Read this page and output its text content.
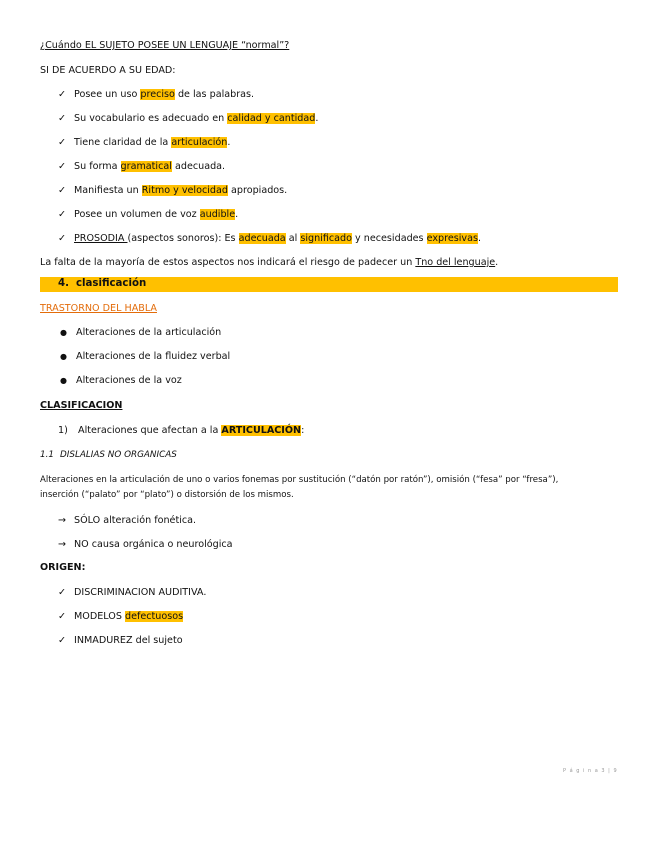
¿Cuándo EL SUJETO POSEE UN LENGUAJE “normal”?
SI DE ACUERDO A SU EDAD:
✓ Posee un uso preciso de las palabras.
✓ Su vocabulario es adecuado en calidad y cantidad.
✓ Tiene claridad de la articulación.
✓ Su forma gramatical adecuada.
✓ Manifiesta un Ritmo y velocidad apropiados.
✓ Posee un volumen de voz audible.
✓ PROSODIA (aspectos sonoros): Es adecuada al significado y necesidades expresivas.
La falta de la mayoría de estos aspectos nos indicará el riesgo de padecer un Tno del lenguaje.
4. clasificación
TRASTORNO DEL HABLA
● Alteraciones de la articulación
● Alteraciones de la fluidez verbal
● Alteraciones de la voz
CLASIFICACION
1) Alteraciones que afectan a la ARTICULACIÓN:
1.1 DISLALIAS NO ORGANICAS
Alteraciones en la articulación de uno o varios fonemas por sustitución (“datón por ratón”), omisión (“fesa” por “fresa”),
inserción (“palato” por “plato”) o distorsión de los mismos.
→ SÓLO alteración fonética.
→ NO causa orgánica o neurológica
ORIGEN:
✓ DISCRIMINACION AUDITIVA.
✓ MODELOS defectuosos
✓ INMADUREZ del sujeto
P á g i n a 3 | 9
